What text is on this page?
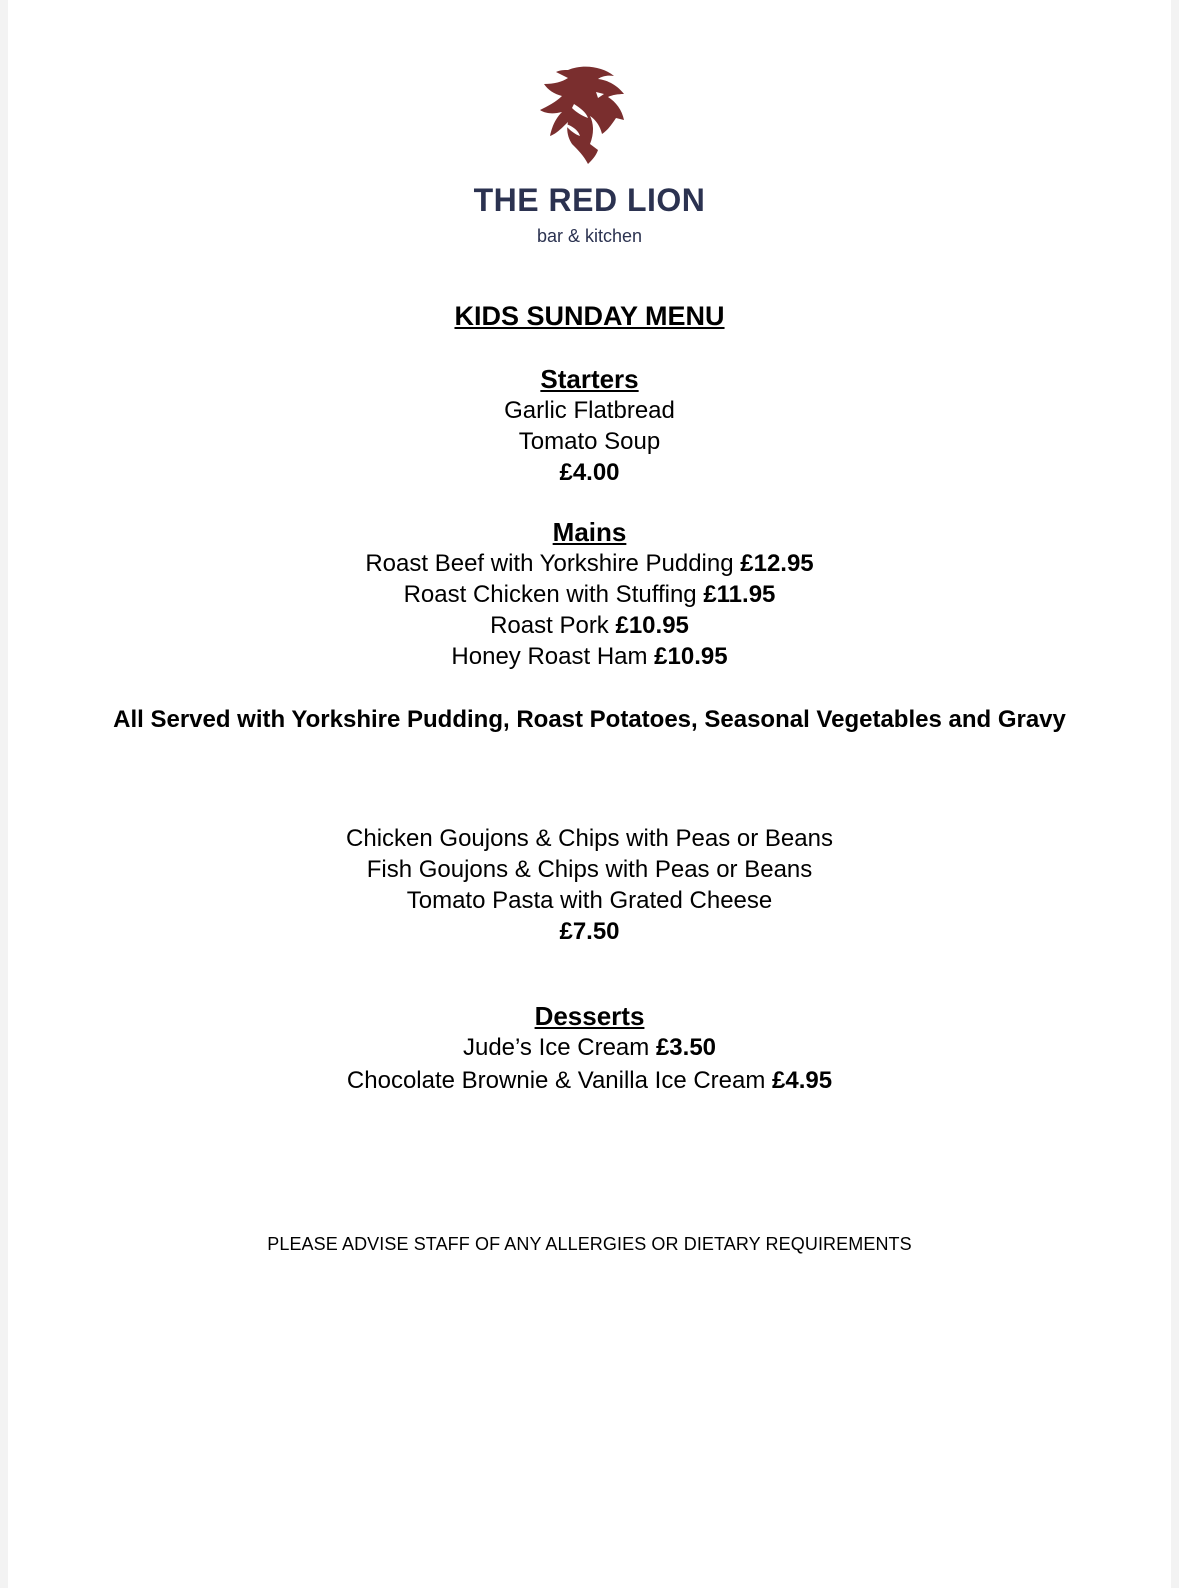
THE RED LION
bar & kitchen
KIDS SUNDAY MENU
Starters
Garlic Flatbread
Tomato Soup
£4.00
Mains
Roast Beef with Yorkshire Pudding £12.95
Roast Chicken with Stuffing £11.95
Roast Pork £10.95
Honey Roast Ham £10.95
All Served with Yorkshire Pudding, Roast Potatoes, Seasonal Vegetables and Gravy
Chicken Goujons & Chips with Peas or Beans
Fish Goujons & Chips with Peas or Beans
Tomato Pasta with Grated Cheese
£7.50
Desserts
Jude’s Ice Cream £3.50
Chocolate Brownie & Vanilla Ice Cream £4.95
PLEASE ADVISE STAFF OF ANY ALLERGIES OR DIETARY REQUIREMENTS
